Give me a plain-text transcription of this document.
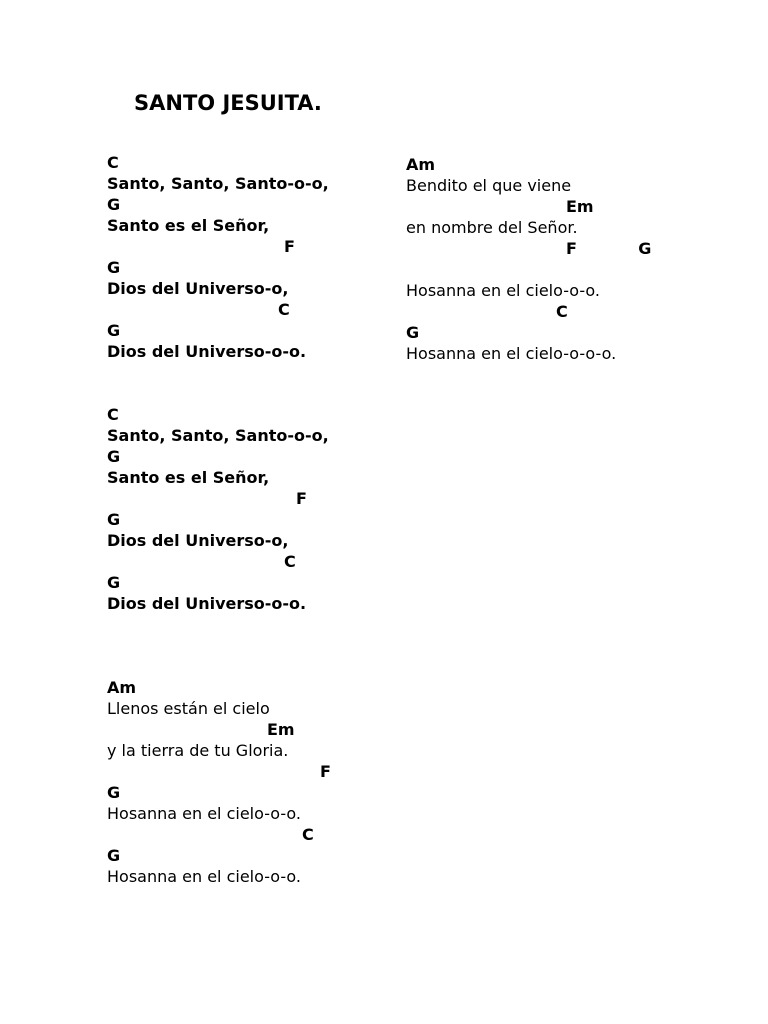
SANTO JESUITA.
C
Santo, Santo, Santo-o-o,
G
Santo es el Señor,
F
G
Dios del Universo-o,
C
G
Dios del Universo-o-o.
C
Santo, Santo, Santo-o-o,
G
Santo es el Señor,
F
G
Dios del Universo-o,
C
G
Dios del Universo-o-o.
Am
Llenos están el cielo
Em
y la tierra de tu Gloria.
F
G
Hosanna en el cielo-o-o.
C
G
Hosanna en el cielo-o-o.
Am
Bendito el que viene
Em
en nombre del Señor.
F           G
Hosanna en el cielo-o-o.
C
G
Hosanna en el cielo-o-o-o.
